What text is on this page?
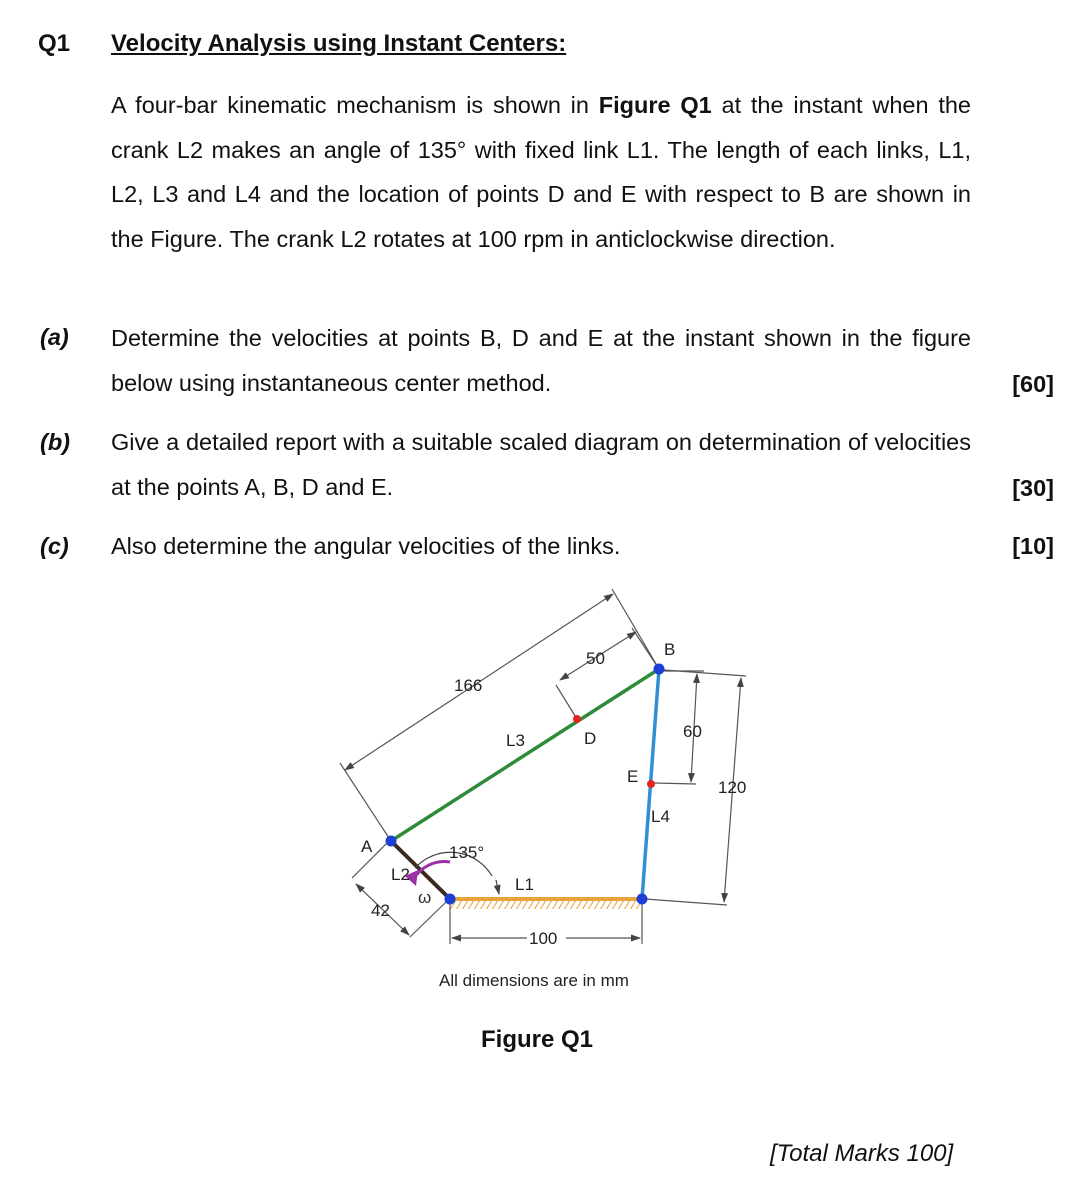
Q1 Velocity Analysis using Instant Centers:
A four-bar kinematic mechanism is shown in Figure Q1 at the instant when the crank L2 makes an angle of 135° with fixed link L1. The length of each links, L1, L2, L3 and L4 and the location of points D and E with respect to B are shown in the Figure. The crank L2 rotates at 100 rpm in anticlockwise direction.
(a) Determine the velocities at points B, D and E at the instant shown in the figure below using instantaneous center method.	[60]
(b) Give a detailed report with a suitable scaled diagram on determination of velocities at the points A, B, D and E.	[30]
(c) Also determine the angular velocities of the links.	[10]
166
50
60
120
100
42
135°
ω
A
B
D
E
L3
L4
L2
L1
All dimensions are in mm
Figure Q1
[Total Marks 100]
